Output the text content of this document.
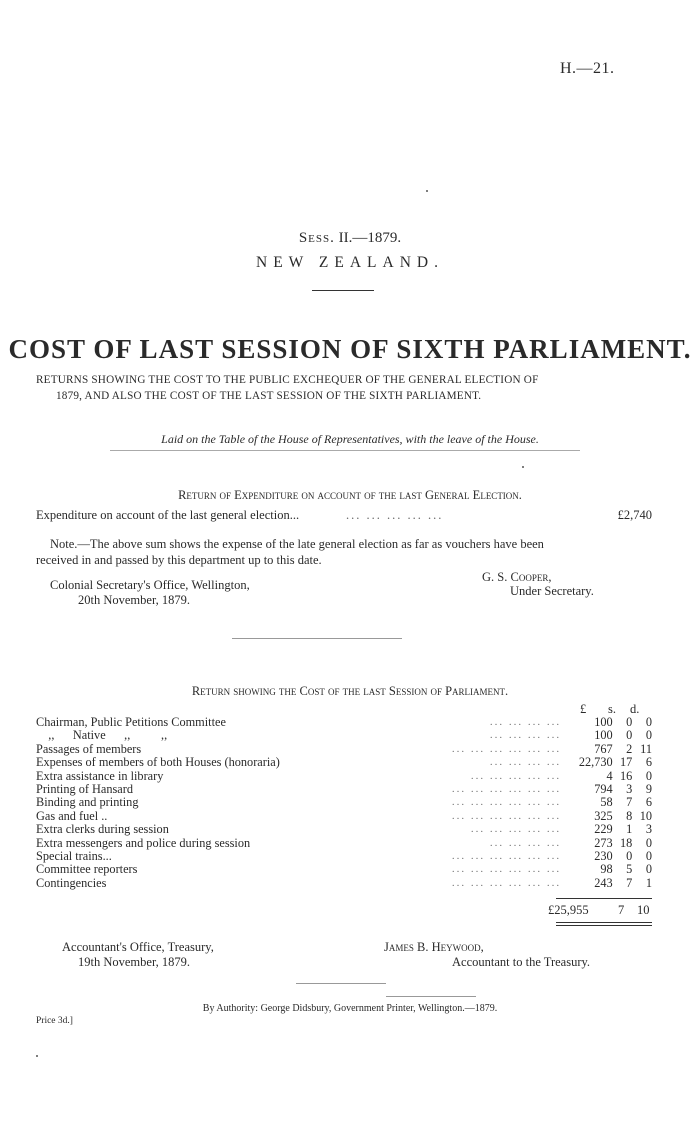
H.—21.
Sess. II.—1879.
NEW ZEALAND.
COST OF LAST SESSION OF SIXTH PARLIAMENT.
RETURNS SHOWING THE COST TO THE PUBLIC EXCHEQUER OF THE GENERAL ELECTION OF
1879, AND ALSO THE COST OF THE LAST SESSION OF THE SIXTH PARLIAMENT.
Laid on the Table of the House of Representatives, with the leave of the House.
Return of Expenditure on account of the last General Election.
Expenditure on account of the last general election...	... ... ... ... ...	£2,740

Note.—The above sum shows the expense of the late general election as far as vouchers have been

received in and passed by this department up to this date.
G. S. Cooper,
Under Secretary.
Colonial Secretary's Office, Wellington,
20th November, 1879.
Return showing the Cost of the last Session of Parliament.
£ s. d.
Chairman, Public Petitions Committee	... ... ... ...	100	0	0
,,      Native      ,,          ,,	... ... ... ...	100	0	0
Passages of members	... ... ... ... ... ...	767	2	11
Expenses of members of both Houses (honoraria)	... ... ... ...	22,730	17	6
Extra assistance in library	... ... ... ... ...	4	16	0
Printing of Hansard	... ... ... ... ... ...	794	3	9
Binding and printing	... ... ... ... ... ...	58	7	6
Gas and fuel ..	... ... ... ... ... ...	325	8	10
Extra clerks during session	... ... ... ... ...	229	1	3
Extra messengers and police during session	... ... ... ...	273	18	0
Special trains...	... ... ... ... ... ...	230	0	0
Committee reporters	... ... ... ... ... ...	98	5	0
Contingencies	... ... ... ... ... ...	243	7	1
£25,955 7 10
Accountant's Office, Treasury,
19th November, 1879.
James B. Heywood,
Accountant to the Treasury.
By Authority: George Didsbury, Government Printer, Wellington.—1879.
Price 3d.]
